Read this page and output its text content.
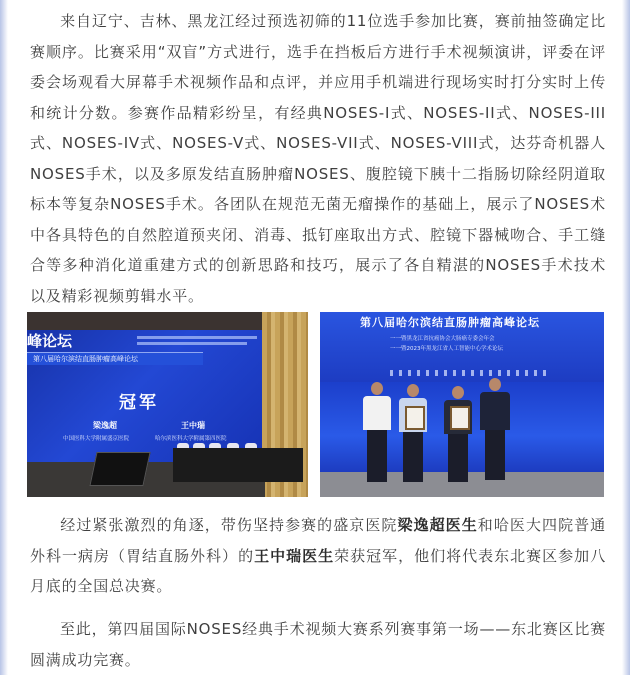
来自辽宁、吉林、黑龙江经过预选初筛的11位选手参加比赛，赛前抽签确定比赛顺序。比赛采用“双盲”方式进行，选手在挡板后方进行手术视频演讲，评委在评委会场观看大屏幕手术视频作品和点评，并应用手机端进行现场实时打分实时上传和统计分数。参赛作品精彩纷呈，有经典NOSES-I式、NOSES-II式、NOSES-III式、NOSES-IV式、NOSES-V式、NOSES-VII式、NOSES-VIII式，达芬奇机器人NOSES手术，以及多原发结直肠肿瘤NOSES、腹腔镜下胰十二指肠切除经阴道取标本等复杂NOSES手术。各团队在规范无菌无瘤操作的基础上，展示了NOSES术中各具特色的自然腔道预夹闭、消毒、抵钉座取出方式、腔镜下器械吻合、手工缝合等多种消化道重建方式的创新思路和技巧，展示了各自精湛的NOSES手术技术以及精彩视频剪辑水平。

峰论坛
第八届哈尔滨结直肠肿瘤高峰论坛
冠军
梁逸超
中国医科大学附属盛京医院
王中瑞
哈尔滨医科大学附属第四医院
第八届哈尔滨结直肠肿瘤高峰论坛
一一暨黑龙江省抗癌协会大肠癌专委会年会
一一暨2023年黑龙江省人工智能中心学术论坛

经过紧张激烈的角逐，带伤坚持参赛的盛京医院梁逸超医生和哈医大四院普通外科一病房（胃结直肠外科）的王中瑞医生荣获冠军，他们将代表东北赛区参加八月底的全国总决赛。

至此，第四届国际NOSES经典手术视频大赛系列赛事第一场——东北赛区比赛圆满成功完赛。
